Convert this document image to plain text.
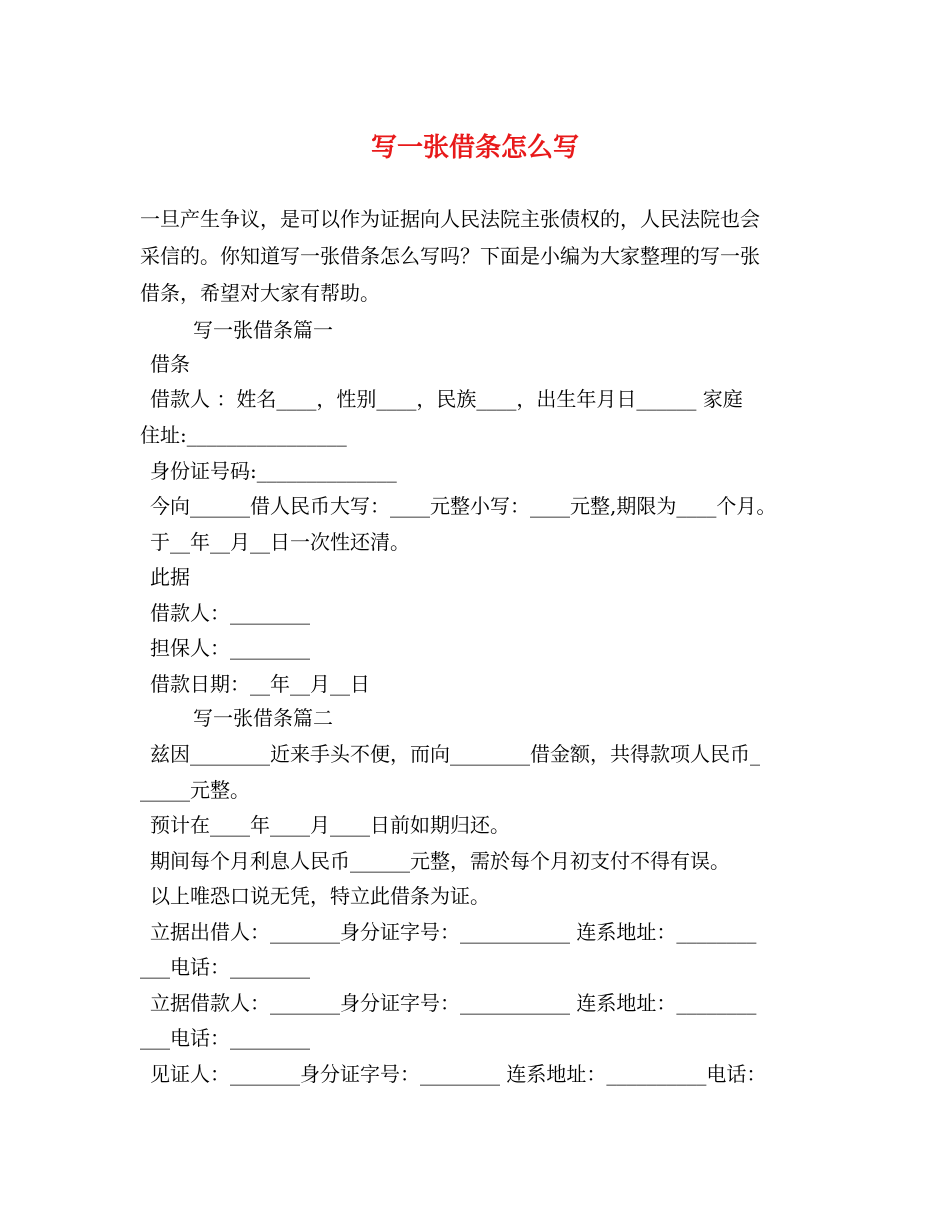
写一张借条怎么写
一旦产生争议，是可以作为证据向人民法院主张债权的，人民法院也会
采信的。你知道写一张借条怎么写吗？下面是小编为大家整理的写一张
借条，希望对大家有帮助。
写一张借条篇一
借条
借款人 ：姓名____，性别____，民族____，出生年月日______ 家庭
住址:________________
身份证号码:______________
今向______借人民币大写：____元整小写：____元整,期限为____个月。
于__年__月__日一次性还清。
此据
借款人：________
担保人：________
借款日期：__年__月__日
写一张借条篇二
兹因________近来手头不便，而向________借金额，共得款项人民币_
_____元整。
预计在____年____月____日前如期归还。
期间每个月利息人民币______元整，需於每个月初支付不得有误。
以上唯恐口说无凭，特立此借条为证。
立据出借人：_______身分证字号：___________ 连系地址：________
___电话：________
立据借款人：_______身分证字号：___________ 连系地址：________
___电话：________
见证人：_______身分证字号：________ 连系地址：__________电话：
